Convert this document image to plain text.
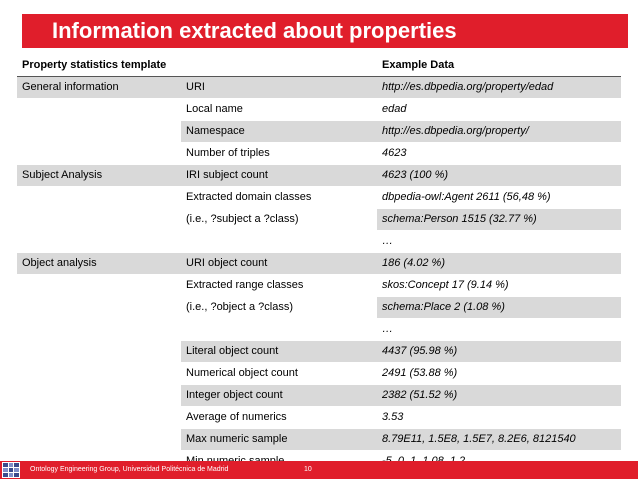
Information extracted about properties
Property statistics template		Example Data
General information	URI	http://es.dbpedia.org/property/edad
	Local name	edad
	Namespace	http://es.dbpedia.org/property/
	Number of triples	4623
Subject Analysis	IRI subject count	4623 (100 %)
	Extracted domain classes	dbpedia-owl:Agent 2611 (56,48 %)
	(i.e., ?subject a ?class)	schema:Person 1515 (32.77 %)
		…
Object analysis	URI object count	186 (4.02 %)
	Extracted range classes	skos:Concept 17 (9.14 %)
	(i.e., ?object a ?class)	schema:Place 2 (1.08 %)
		…
	Literal object count	4437 (95.98 %)
	Numerical object count	2491 (53.88 %)
	Integer object count	2382 (51.52 %)
	Average of numerics	3.53
	Max numeric sample	8.79E11, 1.5E8, 1.5E7, 8.2E6, 8121540

Ontology Engineering Group, Universidad Politécnica de Madrid	10
